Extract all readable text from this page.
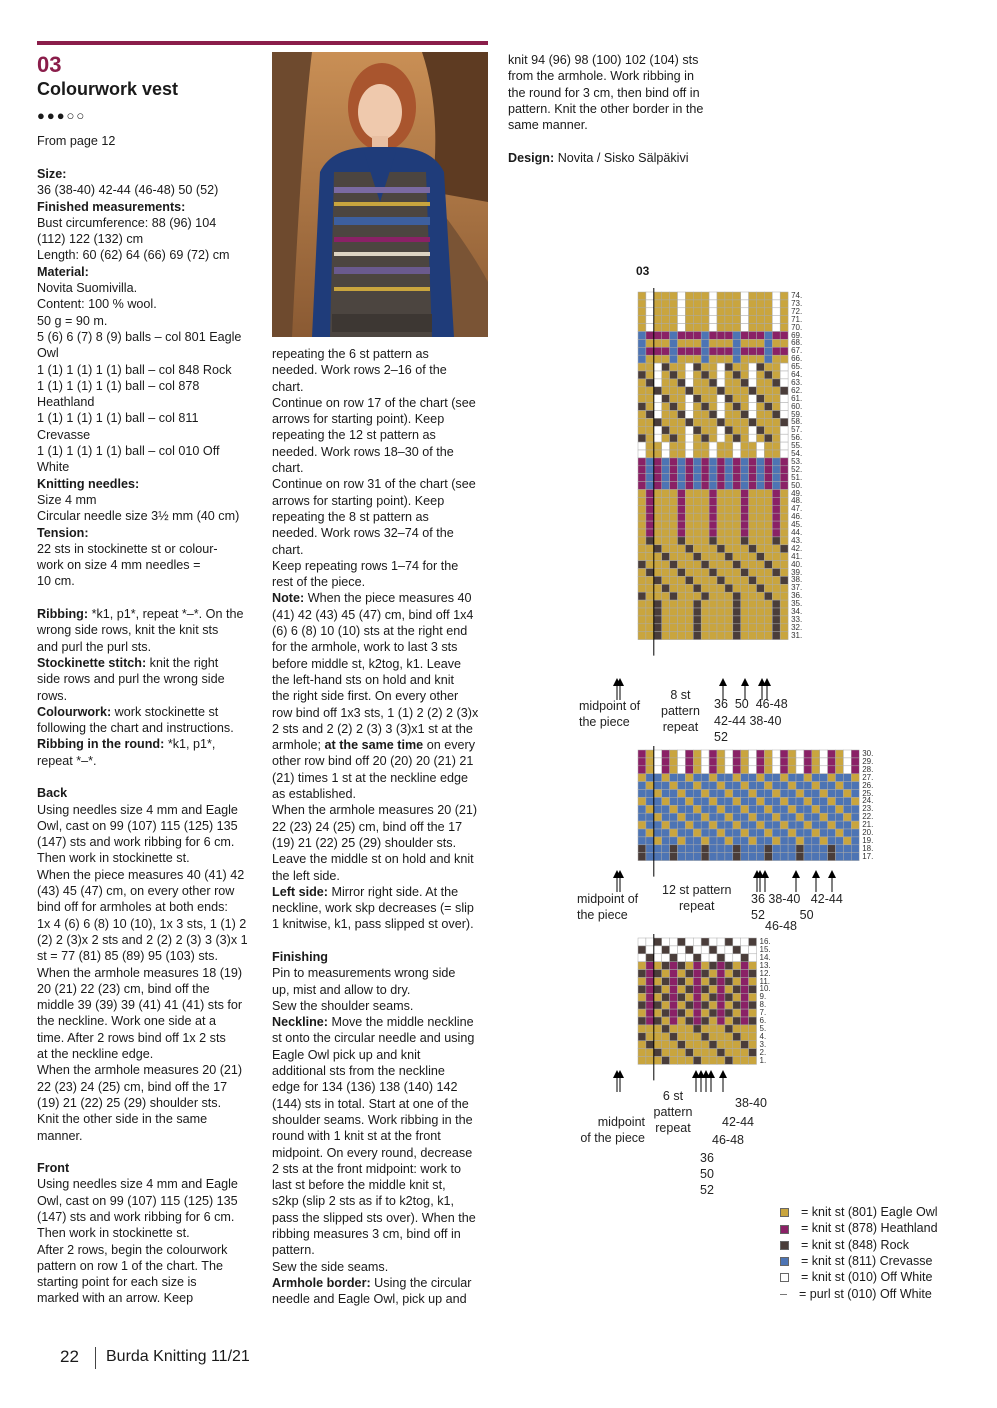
03
Colourwork vest
●●●○○
From page 12
Size:
36 (38-40) 42-44 (46-48) 50 (52)
Finished measurements:
Bust circumference: 88 (96) 104
(112) 122 (132) cm
Length: 60 (62) 64 (66) 69 (72) cm
Material:
Novita Suomivilla.
Content: 100 % wool.
50 g = 90 m.
5 (6) 6 (7) 8 (9) balls – col 801 Eagle
Owl
1 (1) 1 (1) 1 (1) ball – col 848 Rock
1 (1) 1 (1) 1 (1) ball – col 878
Heathland
1 (1) 1 (1) 1 (1) ball – col 811
Crevasse
1 (1) 1 (1) 1 (1) ball – col 010 Off
White
Knitting needles:
Size 4 mm
Circular needle size 3½ mm (40 cm)
Tension:
22 sts in stockinette st or colour-
work on size 4 mm needles =
10 cm.
Ribbing: *k1, p1*, repeat *–*. On the
wrong side rows, knit the knit sts
and purl the purl sts.
Stockinette stitch: knit the right
side rows and purl the wrong side
rows.
Colourwork: work stockinette st
following the chart and instructions.
Ribbing in the round: *k1, p1*,
repeat *–*.
Back
Using needles size 4 mm and Eagle
Owl, cast on 99 (107) 115 (125) 135
(147) sts and work ribbing for 6 cm.
Then work in stockinette st.
When the piece measures 40 (41) 42
(43) 45 (47) cm, on every other row
bind off for armholes at both ends:
1x 4 (6) 6 (8) 10 (10), 1x 3 sts, 1 (1) 2
(2) 2 (3)x 2 sts and 2 (2) 2 (3) 3 (3)x 1
st = 77 (81) 85 (89) 95 (103) sts.
When the armhole measures 18 (19)
20 (21) 22 (23) cm, bind off the
middle 39 (39) 39 (41) 41 (41) sts for
the neckline. Work one side at a
time. After 2 rows bind off 1x 2 sts
at the neckline edge.
When the armhole measures 20 (21)
22 (23) 24 (25) cm, bind off the 17
(19) 21 (22) 25 (29) shoulder sts.
Knit the other side in the same
manner.
Front
Using needles size 4 mm and Eagle
Owl, cast on 99 (107) 115 (125) 135
(147) sts and work ribbing for 6 cm.
Then work in stockinette st.
After 2 rows, begin the colourwork
pattern on row 1 of the chart. The
starting point for each size is
marked with an arrow. Keep
repeating the 6 st pattern as
needed. Work rows 2–16 of the
chart.
Continue on row 17 of the chart (see
arrows for starting point). Keep
repeating the 12 st pattern as
needed. Work rows 18–30 of the
chart.
Continue on row 31 of the chart (see
arrows for starting point). Keep
repeating the 8 st pattern as
needed. Work rows 32–74 of the
chart.
Keep repeating rows 1–74 for the
rest of the piece.
Note: When the piece measures 40
(41) 42 (43) 45 (47) cm, bind off 1x4
(6) 6 (8) 10 (10) sts at the right end
for the armhole, work to last 3 sts
before middle st, k2tog, k1. Leave
the left-hand sts on hold and knit
the right side first. On every other
row bind off 1x3 sts, 1 (1) 2 (2) 2 (3)x
2 sts and 2 (2) 2 (3) 3 (3)x1 st at the
armhole; at the same time on every
other row bind off 20 (20) 20 (21) 21
(21) times 1 st at the neckline edge
as established.
When the armhole measures 20 (21)
22 (23) 24 (25) cm, bind off the 17
(19) 21 (22) 25 (29) shoulder sts.
Leave the middle st on hold and knit
the left side.
Left side: Mirror right side. At the
neckline, work skp decreases (= slip
1 knitwise, k1, pass slipped st over).
Finishing
Pin to measurements wrong side
up, mist and allow to dry.
Sew the shoulder seams.
Neckline: Move the middle neckline
st onto the circular needle and using
Eagle Owl pick up and knit
additional sts from the neckline
edge for 134 (136) 138 (140) 142
(144) sts in total. Start at one of the
shoulder seams. Work ribbing in the
round with 1 knit st at the front
midpoint. On every round, decrease
2 sts at the front midpoint: work to
last st before the middle knit st,
s2kp (slip 2 sts as if to k2tog, k1,
pass the slipped sts over). When the
ribbing measures 3 cm, bind off in
pattern.
Sew the side seams.
Armhole border: Using the circular
needle and Eagle Owl, pick up and
knit 94 (96) 98 (100) 102 (104) sts
from the armhole. Work ribbing in
the round for 3 cm, then bind off in
pattern. Knit the other border in the
same manner.
Design: Novita / Sisko Sälpäkivi
03
74.
73.
72.
71.
70.
69.
68.
67.
66.
65.
64.
63.
62.
61.
60.
59.
58.
57.
56.
55.
54.
53.
52.
51.
50.
49.
48.
47.
46.
45.
44.
43.
42.
41.
40.
39.
38.
37.
36.
35.
34.
33.
32.
31.
30.
29.
28.
27.
26.
25.
24.
23.
22.
21.
20.
19.
18.
17.
16.
15.
14.
13.
12.
11.
10.
9.
8.
7.
6.
5.
4.
3.
2.
1.
midpoint of
the piece
8 st
pattern
repeat
36 50 46-48
42-44 38-40
52
midpoint of
the piece
12 st pattern
repeat	36 38-40 42-44
52	50
46-48
midpoint
of the piece
6 st
pattern
repeat
38-40
42-44
46-48
36
50
52
= knit st (801) Eagle Owl
= knit st (878) Heathland
= knit st (848) Rock
= knit st (811) Crevasse
= knit st (010) Off White
= purl st (010) Off White
22 Burda Knitting 11/21
